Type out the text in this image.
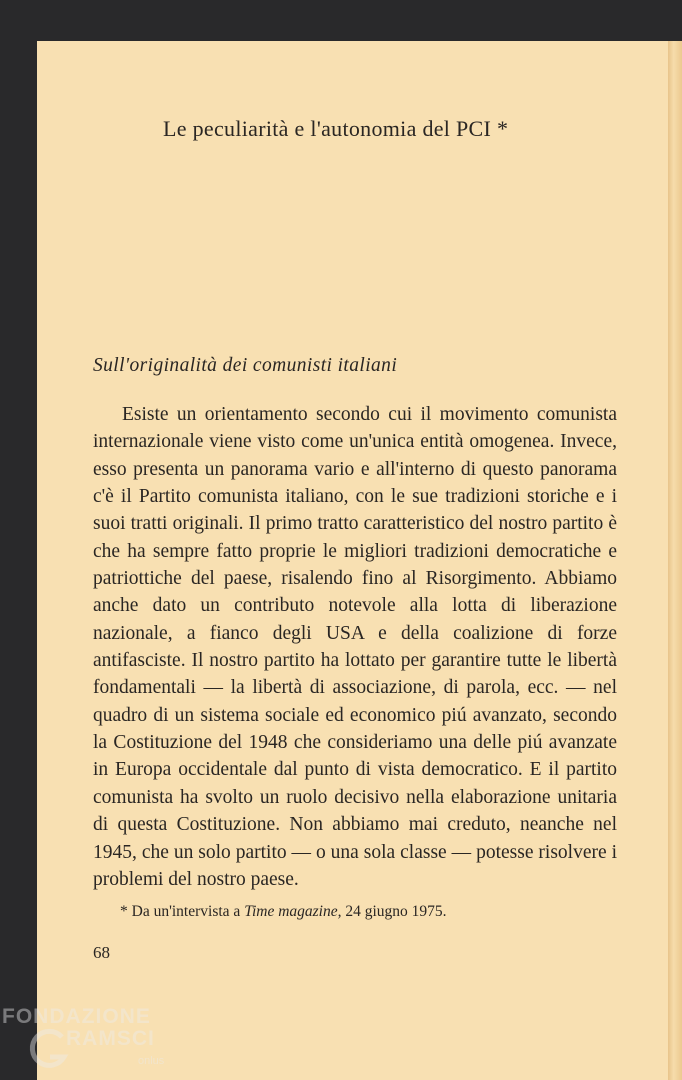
Le peculiarità e l'autonomia del PCI *
Sull'originalità dei comunisti italiani

Esiste un orientamento secondo cui il movimento comunista internazionale viene visto come un'unica entità omogenea. Invece, esso presenta un panorama vario e all'interno di questo panorama c'è il Partito comunista italiano, con le sue tradizioni storiche e i suoi tratti originali. Il primo tratto caratteristico del nostro partito è che ha sempre fatto proprie le migliori tradizioni democratiche e patriottiche del paese, risalendo fino al Risorgimento. Abbiamo anche dato un contributo notevole alla lotta di liberazione nazionale, a fianco degli USA e della coalizione di forze antifasciste. Il nostro partito ha lottato per garantire tutte le libertà fondamentali — la libertà di associazione, di parola, ecc. — nel quadro di un sistema sociale ed economico piú avanzato, secondo la Costituzione del 1948 che consideriamo una delle piú avanzate in Europa occidentale dal punto di vista democratico. E il partito comunista ha svolto un ruolo decisivo nella elaborazione unitaria di questa Costituzione. Non abbiamo mai creduto, neanche nel 1945, che un solo partito — o una sola classe — potesse risolvere i problemi del nostro paese.

* Da un'intervista a Time magazine, 24 giugno 1975.
68
FONDAZIONE
RAMSCI
onlus
